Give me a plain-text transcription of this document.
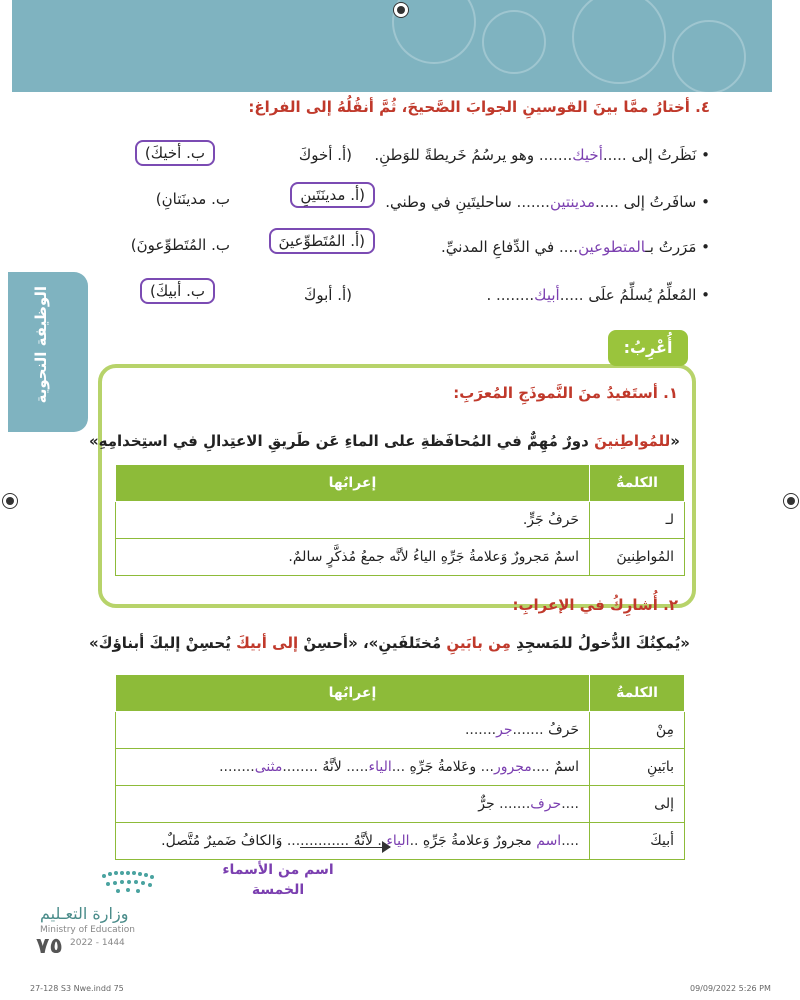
الوظيفة النحوية
٤. أختارُ ممَّا بينَ القوسينِ الجوابَ الصَّحيحَ، ثُمَّ أنقُلُهُ إلى الفراغ:
• نَظَرتُ إلى .....أخيك....... وهو يرسُمُ خَريطةً للوَطنِ.
(أ. أخوكَ
ب. أخيكَ)
• سافَرتُ إلى .....مدينتين....... ساحليتَينِ في وطني.
(أ. مدينَتَينِ
ب. مدينَتانِ)
• مَرَرتُ بـالمتطوعين.... في الدِّفاعِ المدنيِّ.
(أ. المُتَطوِّعينَ
ب. المُتَطوِّعونَ)
• المُعلِّمُ يُسلِّمُ علَى .....أبيك........ .
(أ. أبوكَ
ب. أبيكَ)
أُعْرِبُ:
١. أستَفيدُ منَ النَّموذَجِ المُعرَبِ:
«للمُواطِنينَ دورٌ مُهِمٌّ في المُحافَظةِ على الماءِ عَن طَريقِ الاعتِدالِ في استِخدامِهِ»
الكلمةُ	إعرابُها
لـ	حَرفُ جَرٍّ.
المُواطِنينَ	اسمٌ مَجرورٌ وَعلامةُ جَرِّهِ الياءُ لأنَّه جمعُ مُذكَّرٍ سالمٌ.
٢. أُشارِكُ في الإعرابِ:
«يُمكِنُكَ الدُّخولُ للمَسجِدِ مِن بابَينِ مُختَلفَينِ»، «أحسِنْ إلى أبيكَ يُحسِنْ إليكَ أبناؤكَ»
الكلمةُ	إعرابُها
مِنْ	حَرفُ .......جر.......
بابَينِ	اسمٌ ....مجرور... وعَلامةُ جَرِّهِ ...الياء..... لأنَّهُ ........مثنى........
إلى	....حرف....... جرٌّ
أبيكَ	....اسم مجرورٌ وَعلامةُ جَرِّهِ ..الياء.. لأنَّهُ .............. وَالكافُ ضَميرٌ مُتَّصلٌ.
اسم من الأسماء الخمسة
وزارة التعـليم
Ministry of Education
2022 - 1444
٧٥
27-128 S3 Nwe.indd 75	09/09/2022 5:26 PM
